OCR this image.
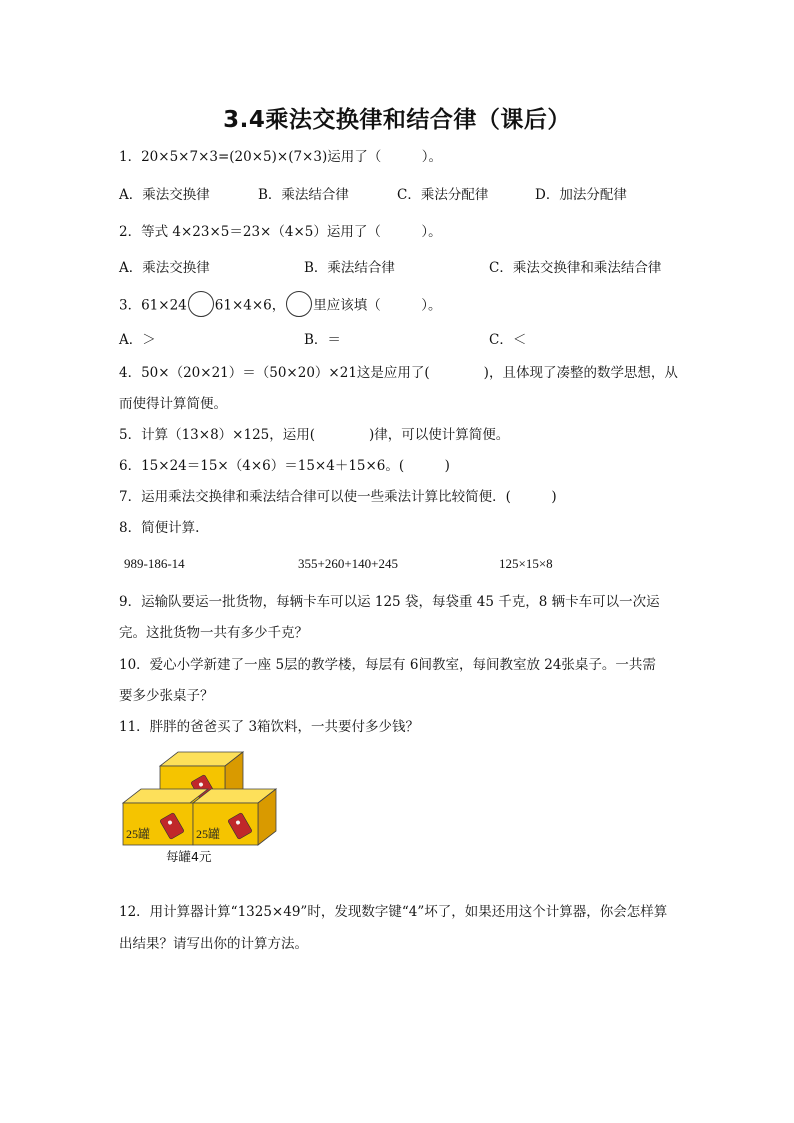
3.4乘法交换律和结合律（课后）
1．20×5×7×3=(20×5)×(7×3)运用了（　　　）。
A．乘法交换律	B．乘法结合律	C．乘法分配律	D．加法分配律
2．等式 4×23×5＝23×（4×5）运用了（　　　）。
A．乘法交换律	B．乘法结合律	C．乘法交换律和乘法结合律
3．61×24 61×4×6， 里应该填（　　　）。
A．＞	B．＝	C．＜
4．50×（20×21）＝（50×20）×21这是应用了(　　　　)，且体现了凑整的数学思想，从
而使得计算简便。
5．计算（13×8）×125，运用(　　　　)律，可以使计算简便。
6．15×24＝15×（4×6）＝15×4＋15×6。(　　　)
7．运用乘法交换律和乘法结合律可以使一些乘法计算比较简便．(　　　)
8．简便计算.
989-186-14	355+260+140+245	125×15×8
9．运输队要运一批货物，每辆卡车可以运 125 袋，每袋重 45 千克，8 辆卡车可以一次运
完。这批货物一共有多少千克？
10．爱心小学新建了一座 5层的教学楼，每层有 6间教室，每间教室放 24张桌子。一共需
要多少张桌子？
11．胖胖的爸爸买了 3箱饮料，一共要付多少钱？
25罐	25罐
每罐4元
12．用计算器计算“1325×49”时，发现数字键“4”坏了，如果还用这个计算器，你会怎样算
出结果？请写出你的计算方法。
